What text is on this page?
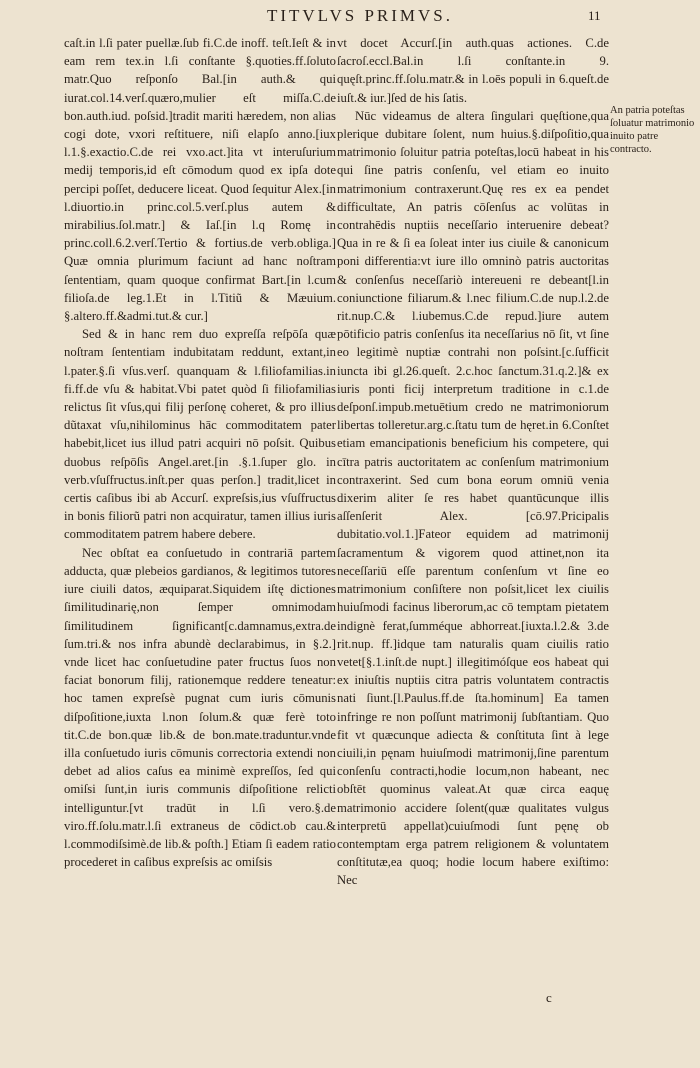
TITVLVS PRIMVS.	11

caſt.in l.ſi pater puellæ.ſub fi.C.de inoff. teſt.Ieſt & in eam rem tex.in l.ſi conſtante §.quoties.ff.ſoluto matr.Quo reſponſo Bal.[in auth.& qui iurat.col.14.verſ.quæro,mulier eſt miſſa.C.de bon.auth.iud. poſsid.]tradit mariti hæredem, non alias cogi dote, vxori reſtituere, niſi elapſo anno.[iux l.1.§.exactio.C.de rei vxo.act.]ita vt interuſurium medij temporis,id eſt cōmodum quod ex ipſa dote percipi poſſet, deducere liceat. Quod ſequitur Alex.[in l.diuortio.in princ.col.5.verſ.plus autem & mirabilius.ſol.matr.] & Iaſ.[in l.q Romę in princ.coll.6.2.verſ.Tertio & fortius.de verb.obliga.] Quæ omnia plurimum faciunt ad hanc noſtram ſententiam, quam quoque confirmat Bart.[in l.cum filioſa.de leg.1.Et in l.Titiũ & Mæuium. §.altero.ff.&admi.tut.& cur.]

Sed & in hanc rem duo expreſſa reſpōſa quæ noſtram ſententiam indubitatam reddunt, extant,in l.pater.§.ſi vſus.verſ. quanquam & l.filiofamilias.in fi.ff.de vſu & habitat.Vbi patet quòd ſi filiofamilias relictus ſit vſus,qui filij perſonę coheret, & pro illius dũtaxat vſu,nihilominus hāc commoditatem pater habebit,licet ius illud patri acquiri nō poſsit. Quibus duobus reſpōſis Angel.aret.[in .§.1.ſuper glo. in verb.vſuſfructus.inſt.per quas perſon.] tradit,licet in certis caſibus ibi ab Accurſ. expreſsis,ius vſuſfructus in bonis filiorũ patri non acquiratur, tamen illius iuris commoditatem patrem habere debere.

Nec obſtat ea conſuetudo in contrariā partem adducta, quæ plebeios gardianos, & legitimos tutores iure ciuili datos, æquiparat.Siquidem iſtę dictiones ſimilitudinarię,non ſemper omnimodam ſimilitudinem ſignificant[c.damnamus,extra.de ſum.tri.& nos infra abundè declarabimus, in §.2.] vnde licet hac conſuetudine pater fructus ſuos non faciat bonorum filij, rationemque reddere teneatur: hoc tamen expreſsè pugnat cum iuris cōmunis diſpoſitione,iuxta l.non ſolum.& quæ ferè toto tit.C.de bon.quæ lib.& de bon.mate.traduntur.vnde illa conſuetudo iuris cōmunis correctoria extendi non debet ad alios caſus ea minimè expreſſos, ſed qui omiſsi ſunt,in iuris communis diſpoſitione relicti intelliguntur.[vt tradūt in l.ſi vero.§.de viro.ff.ſolu.matr.l.ſi extraneus de cōdict.ob cau.& l.commodiſsimè.de lib.& poſth.] Etiam ſi eadem ratio procederet in caſibus expreſsis ac omiſsis

vt docet Accurſ.[in auth.quas actiones. C.de ſacroſ.eccl.Bal.in l.ſi conſtante.in 9. quęſt.princ.ff.ſolu.matr.& in l.oēs populi in 6.queſt.de iuſt.& iur.]ſed de his ſatis.

Nūc videamus de altera ſingulari quęſtione,qua plerique dubitare ſolent, num huius.§.diſpoſitio,qua matrimonio ſoluitur patria poteſtas,locū habeat in his qui ſine patris conſenſu, vel etiam eo inuito matrimonium contraxerunt.Quę res ex ea pendet difficultate, An patris cōſenſus ac volūtas in contrahēdis nuptiis neceſſario interuenire debeat? Qua in re & ſi ea ſoleat inter ius ciuile & canonicum poni differentia:vt iure illo omninò patris auctoritas & conſenſus neceſſariò intereueni re debeant[l.in coniunctione filiarum.& l.nec filium.C.de nup.l.2.de rit.nup.C.& l.iubemus.C.de repud.]iure autem pōtificio patris conſenſus ita neceſſarius nō ſit, vt ſine eo legitimè nuptiæ contrahi non poſsint.[c.ſufficit iuncta ibi gl.26.queſt. 2.c.hoc ſanctum.31.q.2.]& ex iuris ponti ficij interpretum traditione in c.1.de deſponſ.impub.metuētium credo ne matrimoniorum libertas tolleretur.arg.c.ſtatu tum de hęret.in 6.Conſtet etiam emancipationis beneficium his competere, qui cītra patris auctoritatem ac conſenſum matrimonium contraxerint. Sed cum bona eorum omniū venia dixerim aliter ſe res habet quantūcunque illis aſſenſerit Alex. [cō.97.Pricipalis dubitatio.vol.1.]Fateor equidem ad matrimonij ſacramentum & vigorem quod attinet,non ita neceſſariū eſſe parentum conſenſum vt ſine eo matrimonium conſiſtere non poſsit,licet lex ciuilis huiuſmodi facinus liberorum,ac cō temptam pietatem indignè ferat,ſumméque abhorreat.[iuxta.l.2.& 3.de rit.nup. ff.]idque tam naturalis quam ciuilis ratio vetet[§.1.inſt.de nupt.] illegitimóſque eos habeat qui ex iniuſtis nuptiis citra patris voluntatem contractis nati ſiunt.[l.Paulus.ff.de ſta.hominum] Ea tamen infringe re non poſſunt matrimonij ſubſtantiam. Quo fit vt quæcunque adiecta & conſtituta ſint à lege ciuili,in pęnam huiuſmodi matrimonij,ſine parentum conſenſu contracti,hodie locum,non habeant, nec obſtēt quominus valeat.At quæ circa eaquę matrimonio accidere ſolent(quæ qualitates vulgus interpretū appellat)cuiuſmodi ſunt pęnę ob contemptam erga patrem religionem & voluntatem conſtitutæ,ea quoq; hodie locum habere exiſtimo: Nec

An patria poteſtas ſoluatur matrimonio inuito patre contracto.
c
